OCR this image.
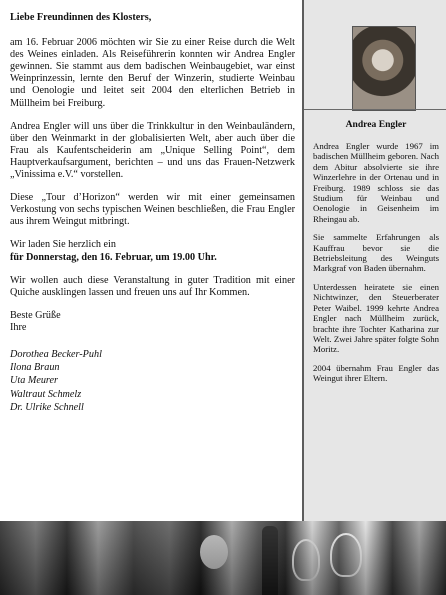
Liebe Freundinnen des Klosters,

am 16. Februar 2006 möchten wir Sie zu einer Reise durch die Welt des Weines einladen. Als Reiseführerin konnten wir Andrea Engler gewinnen. Sie stammt aus dem badischen Weinbaugebiet, war einst Weinprinzessin, lernte den Beruf der Winzerin, studierte Weinbau und Oenologie und leitet seit 2004 den elterlichen Betrieb in Müllheim bei Freiburg.

Andrea Engler will uns über die Trinkkultur in den Weinbauländern, über den Weinmarkt in der globalisierten Welt, aber auch über die Frau als Kaufentscheiderin am „Unique Selling Point“, dem Hauptverkaufsargument, berichten – und uns das Frauen-Netzwerk „Vinissima e.V.“ vorstellen.

Diese „Tour d’Horizon“ werden wir mit einer gemeinsamen Verkostung von sechs typischen Weinen beschließen, die Frau Engler aus ihrem Weingut mitbringt.

Wir laden Sie herzlich ein

für Donnerstag, den 16. Februar, um 19.00 Uhr.

Wir wollen auch diese Veranstaltung in guter Tradition mit einer Quiche ausklingen lassen und freuen uns auf Ihr Kommen.

Beste Grüße

Ihre

Dorothea Becker-Puhl
Ilona Braun
Uta Meurer
Waltraut Schmelz
Dr. Ulrike Schnell
Andrea Engler

Andrea Engler wurde 1967 im badischen Müllheim geboren. Nach dem Abitur absolvierte sie ihre Winzerlehre in der Ortenau und in Freiburg. 1989 schloss sie das Studium für Weinbau und Oenologie in Geisenheim im Rheingau ab.

Sie sammelte Erfahrungen als Kauffrau bevor sie die Betriebsleitung des Weinguts Markgraf von Baden übernahm.

Unterdessen heiratete sie einen Nichtwinzer, den Steuerberater Peter Waibel. 1999 kehrte Andrea Engler nach Müllheim zurück, brachte ihre Tochter Katharina zur Welt. Zwei Jahre später folgte Sohn Moritz.

2004 übernahm Frau Engler das Weingut ihrer Eltern.
